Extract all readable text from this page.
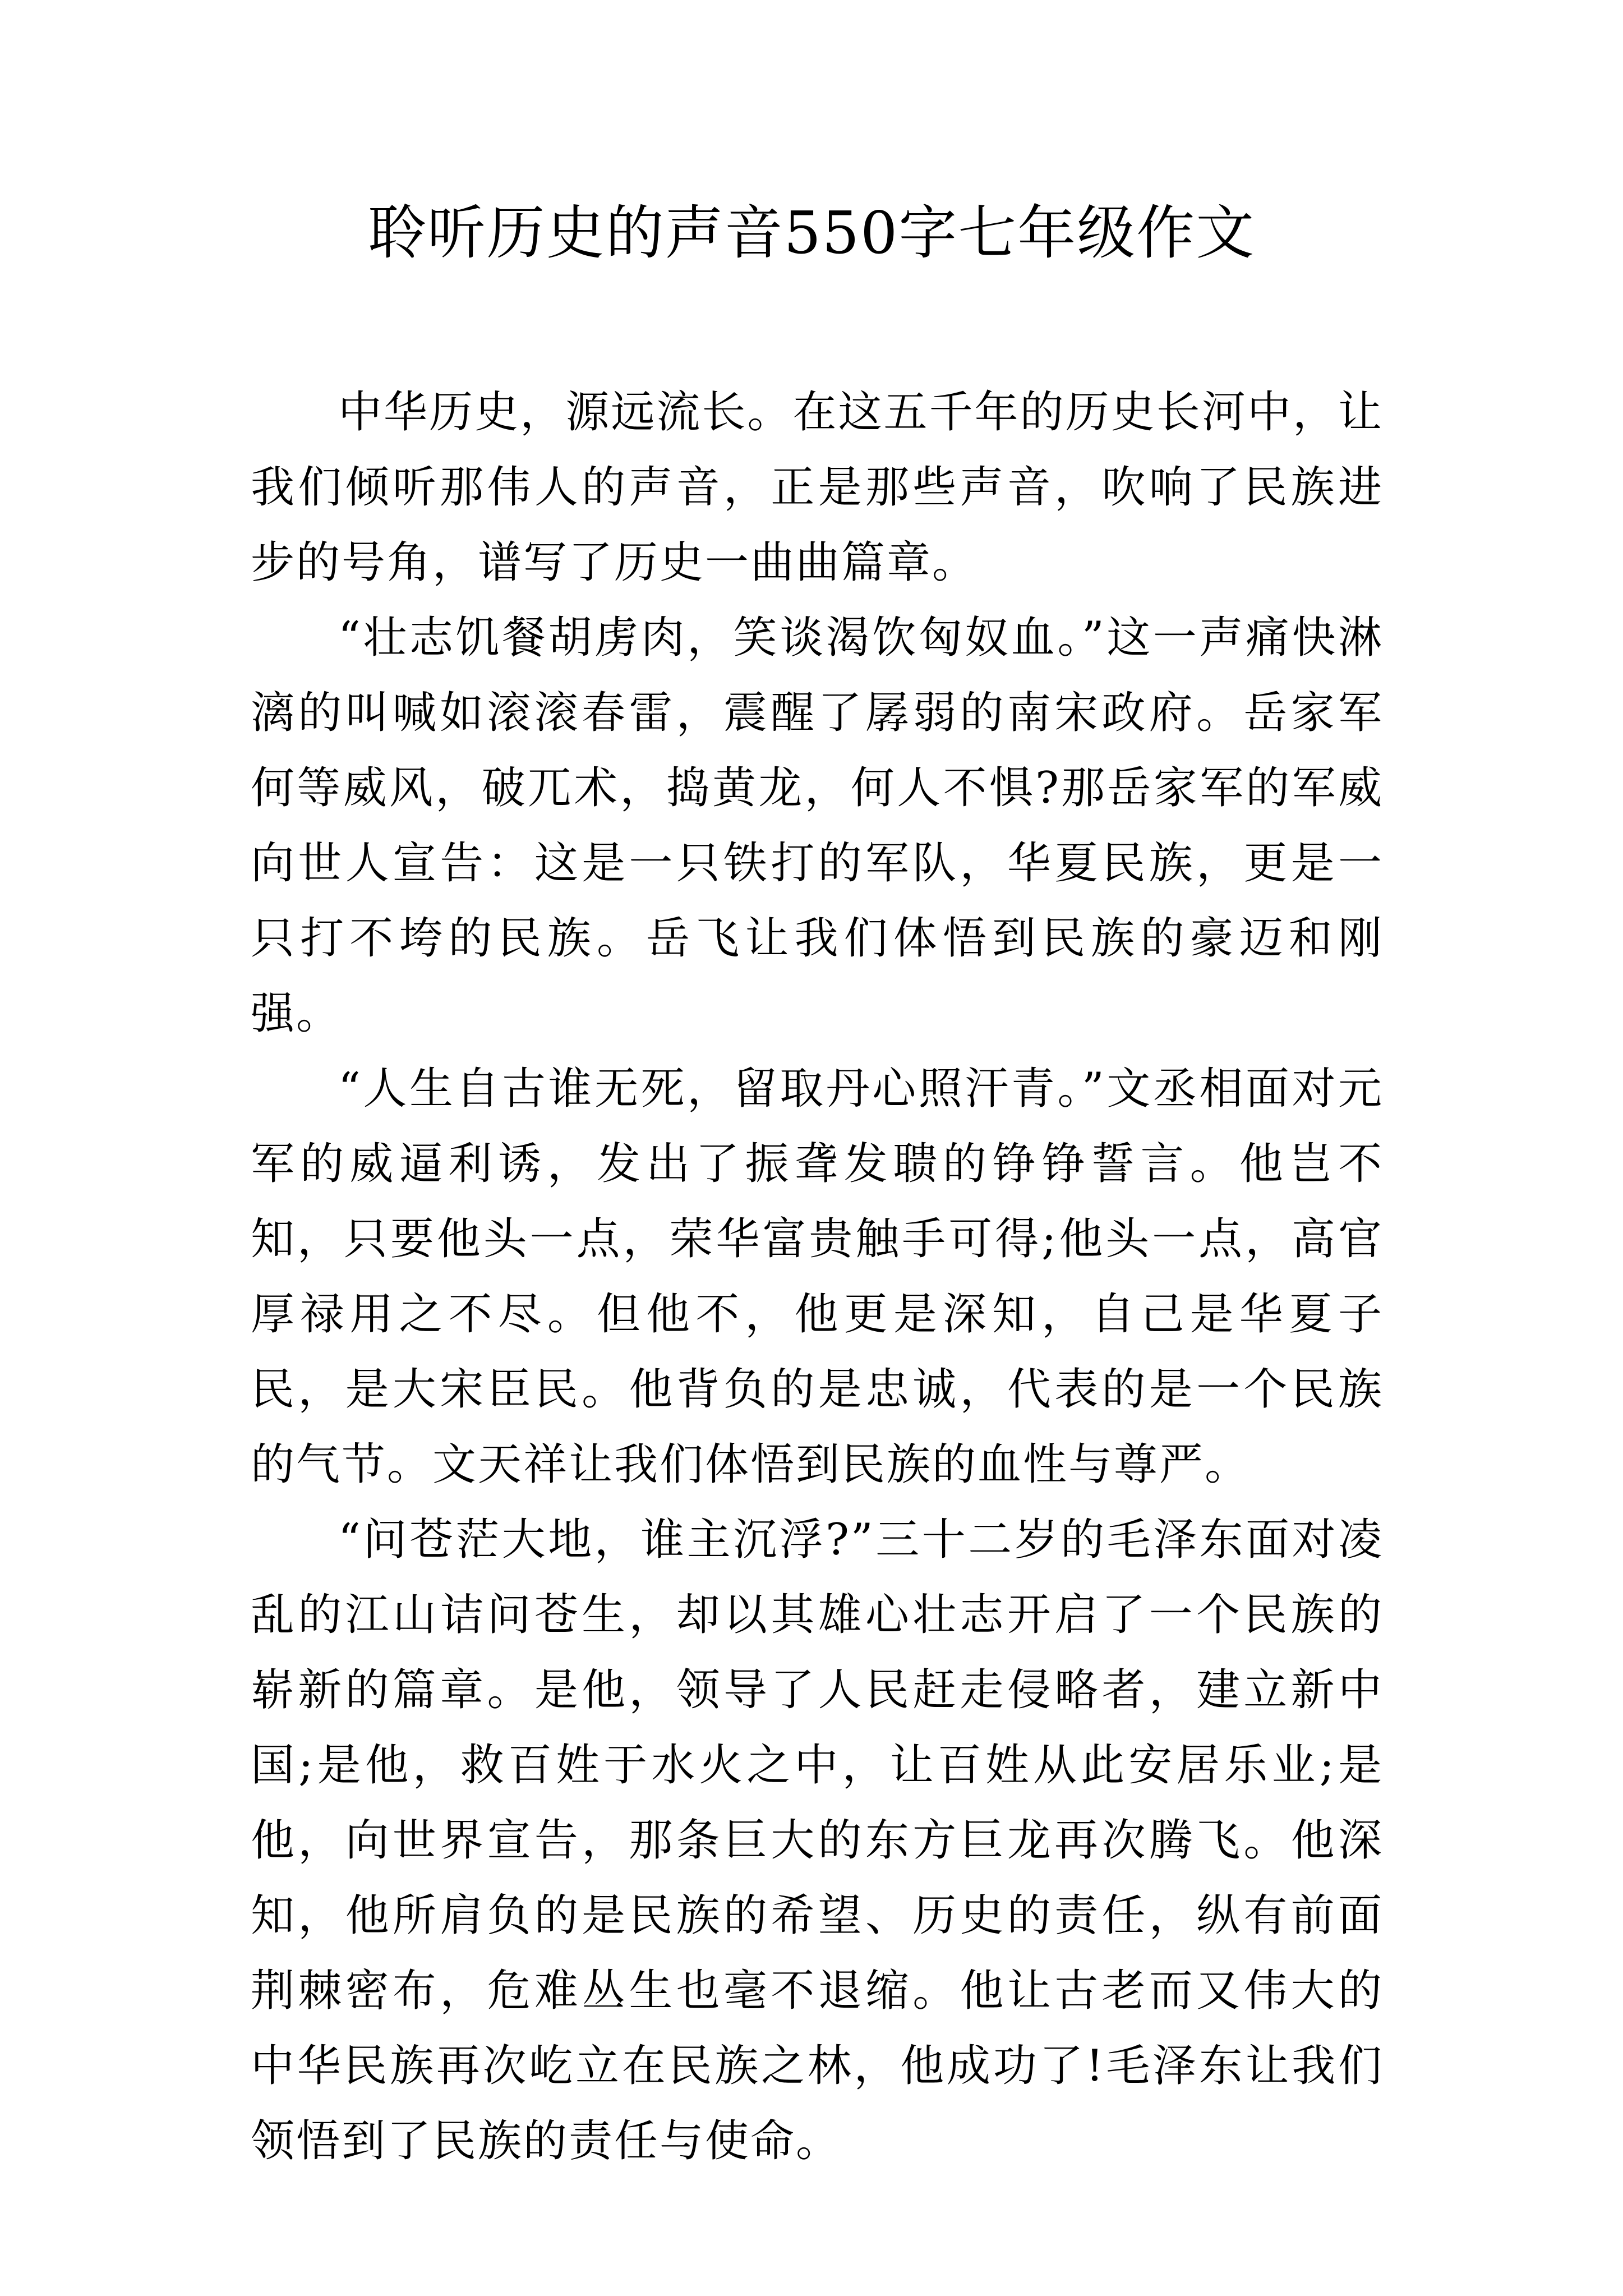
聆听历史的声音550字七年级作文

中华历史，源远流长。在这五千年的历史长河中，让我们倾听那伟人的声音，正是那些声音，吹响了民族进步的号角，谱写了历史一曲曲篇章。

“壮志饥餐胡虏肉，笑谈渴饮匈奴血。”这一声痛快淋漓的叫喊如滚滚春雷，震醒了孱弱的南宋政府。岳家军何等威风，破兀术，捣黄龙，何人不惧?那岳家军的军威向世人宣告：这是一只铁打的军队，华夏民族，更是一只打不垮的民族。岳飞让我们体悟到民族的豪迈和刚强。

“人生自古谁无死，留取丹心照汗青。”文丞相面对元军的威逼利诱，发出了振聋发聩的铮铮誓言。他岂不知，只要他头一点，荣华富贵触手可得;他头一点，高官厚禄用之不尽。但他不，他更是深知，自己是华夏子民，是大宋臣民。他背负的是忠诚，代表的是一个民族的气节。文天祥让我们体悟到民族的血性与尊严。

“问苍茫大地，谁主沉浮?”三十二岁的毛泽东面对凌乱的江山诘问苍生，却以其雄心壮志开启了一个民族的崭新的篇章。是他，领导了人民赶走侵略者，建立新中国;是他，救百姓于水火之中，让百姓从此安居乐业;是他，向世界宣告，那条巨大的东方巨龙再次腾飞。他深知，他所肩负的是民族的希望、历史的责任，纵有前面荆棘密布，危难丛生也毫不退缩。他让古老而又伟大的中华民族再次屹立在民族之林，他成功了!毛泽东让我们领悟到了民族的责任与使命。
